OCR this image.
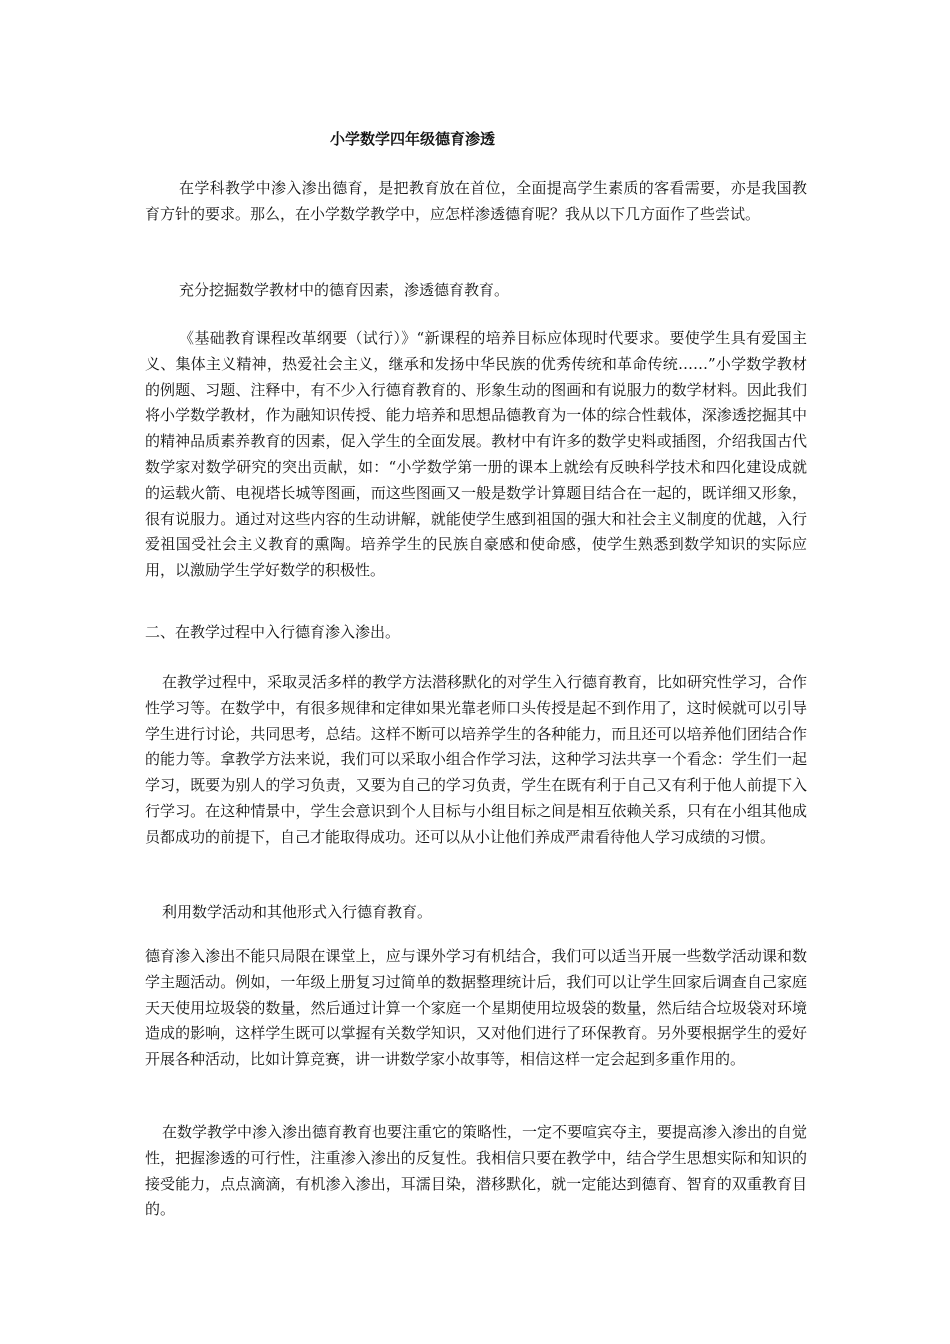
小学数学四年级德育渗透

在学科教学中渗入渗出德育，是把教育放在首位，全面提高学生素质的客看需要，亦是我国教育方针的要求。那么，在小学数学教学中，应怎样渗透德育呢？我从以下几方面作了些尝试。

充分挖掘数学教材中的德育因素，渗透德育教育。

《基础教育课程改革纲要（试行）》“新课程的培养目标应体现时代要求。要使学生具有爱国主义、集体主义精神，热爱社会主义，继承和发扬中华民族的优秀传统和革命传统……”小学数学教材的例题、习题、注释中，有不少入行德育教育的、形象生动的图画和有说服力的数学材料。因此我们将小学数学教材，作为融知识传授、能力培养和思想品德教育为一体的综合性载体，深渗透挖掘其中的精神品质素养教育的因素，促入学生的全面发展。教材中有许多的数学史料或插图，介绍我国古代数学家对数学研究的突出贡献，如：“小学数学第一册的课本上就绘有反映科学技术和四化建设成就的运载火箭、电视塔长城等图画，而这些图画又一般是数学计算题目结合在一起的，既详细又形象，很有说服力。通过对这些内容的生动讲解，就能使学生感到祖国的强大和社会主义制度的优越，入行爱祖国受社会主义教育的熏陶。培养学生的民族自豪感和使命感，使学生熟悉到数学知识的实际应用，以激励学生学好数学的积极性。

二、在教学过程中入行德育渗入渗出。

在教学过程中，采取灵活多样的教学方法潜移默化的对学生入行德育教育，比如研究性学习，合作性学习等。在数学中，有很多规律和定律如果光靠老师口头传授是起不到作用了，这时候就可以引导学生进行讨论，共同思考，总结。这样不断可以培养学生的各种能力，而且还可以培养他们团结合作的能力等。拿教学方法来说，我们可以采取小组合作学习法，这种学习法共享一个看念：学生们一起学习，既要为别人的学习负责，又要为自己的学习负责，学生在既有利于自己又有利于他人前提下入行学习。在这种情景中，学生会意识到个人目标与小组目标之间是相互依赖关系，只有在小组其他成员都成功的前提下，自己才能取得成功。还可以从小让他们养成严肃看待他人学习成绩的习惯。

利用数学活动和其他形式入行德育教育。

德育渗入渗出不能只局限在课堂上，应与课外学习有机结合，我们可以适当开展一些数学活动课和数学主题活动。例如，一年级上册复习过简单的数据整理统计后，我们可以让学生回家后调查自己家庭天天使用垃圾袋的数量，然后通过计算一个家庭一个星期使用垃圾袋的数量，然后结合垃圾袋对环境造成的影响，这样学生既可以掌握有关数学知识，又对他们进行了环保教育。另外要根据学生的爱好开展各种活动，比如计算竞赛，讲一讲数学家小故事等，相信这样一定会起到多重作用的。

在数学教学中渗入渗出德育教育也要注重它的策略性，一定不要喧宾夺主，要提高渗入渗出的自觉性，把握渗透的可行性，注重渗入渗出的反复性。我相信只要在教学中，结合学生思想实际和知识的接受能力，点点滴滴，有机渗入渗出，耳濡目染，潜移默化，就一定能达到德育、智育的双重教育目的。
